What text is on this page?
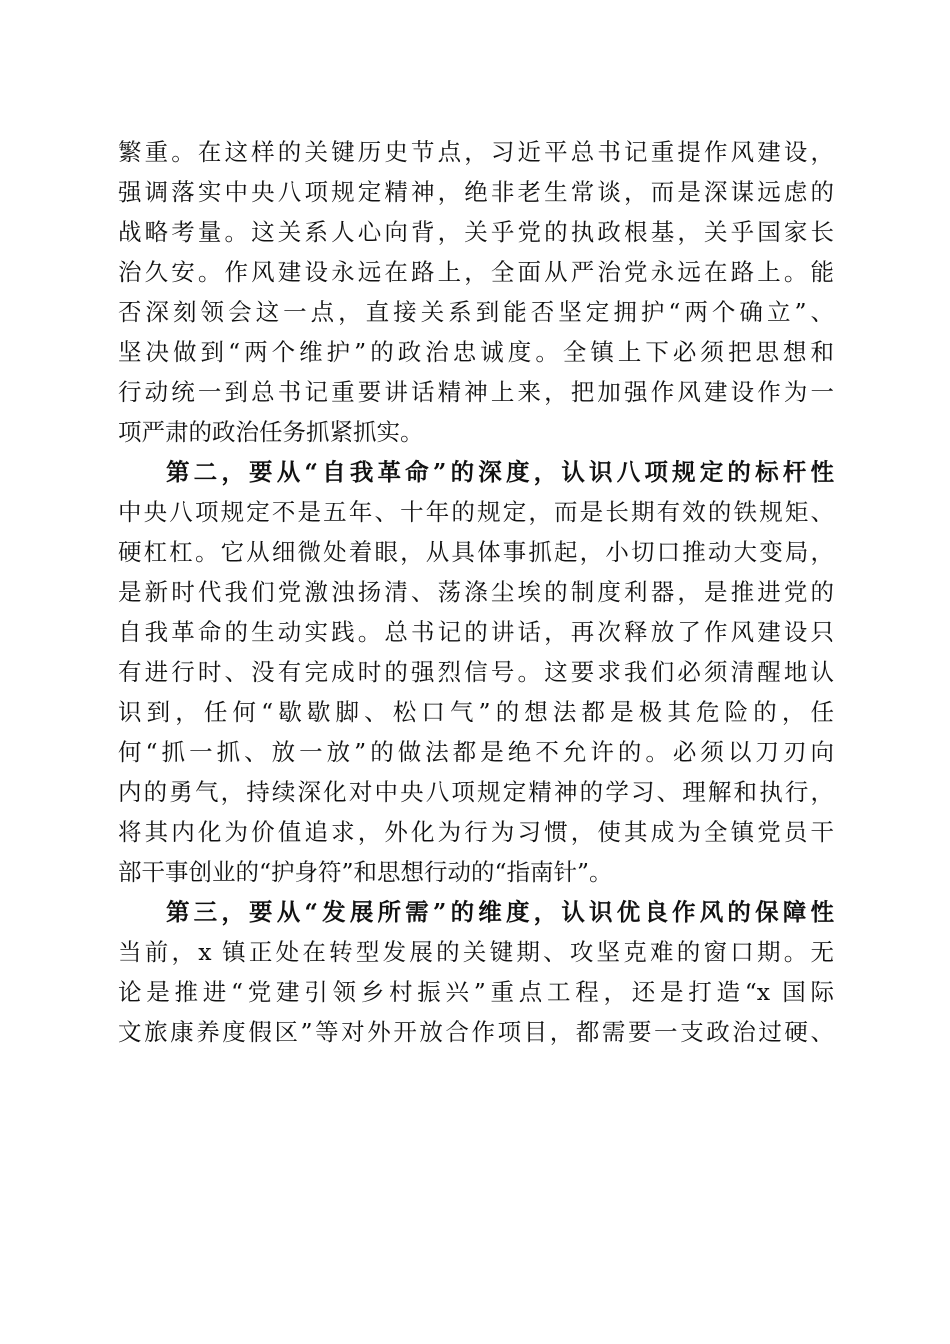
繁重。在这样的关键历史节点，习近平总书记重提作风建设，
强调落实中央八项规定精神，绝非老生常谈，而是深谋远虑的
战略考量。这关系人心向背，关乎党的执政根基，关乎国家长
治久安。作风建设永远在路上，全面从严治党永远在路上。能
否深刻领会这一点，直接关系到能否坚定拥护“两个确立”、
坚决做到“两个维护”的政治忠诚度。全镇上下必须把思想和
行动统一到总书记重要讲话精神上来，把加强作风建设作为一
项严肃的政治任务抓紧抓实。
第二，要从“自我革命”的深度，认识八项规定的标杆性
中央八项规定不是五年、十年的规定，而是长期有效的铁规矩、
硬杠杠。它从细微处着眼，从具体事抓起，小切口推动大变局，
是新时代我们党激浊扬清、荡涤尘埃的制度利器，是推进党的
自我革命的生动实践。总书记的讲话，再次释放了作风建设只
有进行时、没有完成时的强烈信号。这要求我们必须清醒地认
识到，任何“歇歇脚、松口气”的想法都是极其危险的，任
何“抓一抓、放一放”的做法都是绝不允许的。必须以刀刃向
内的勇气，持续深化对中央八项规定精神的学习、理解和执行，
将其内化为价值追求，外化为行为习惯，使其成为全镇党员干
部干事创业的“护身符”和思想行动的“指南针”。
第三，要从“发展所需”的维度，认识优良作风的保障性
当前，x 镇正处在转型发展的关键期、攻坚克难的窗口期。无
论是推进“党建引领乡村振兴”重点工程，还是打造“x 国际
文旅康养度假区”等对外开放合作项目，都需要一支政治过硬、
